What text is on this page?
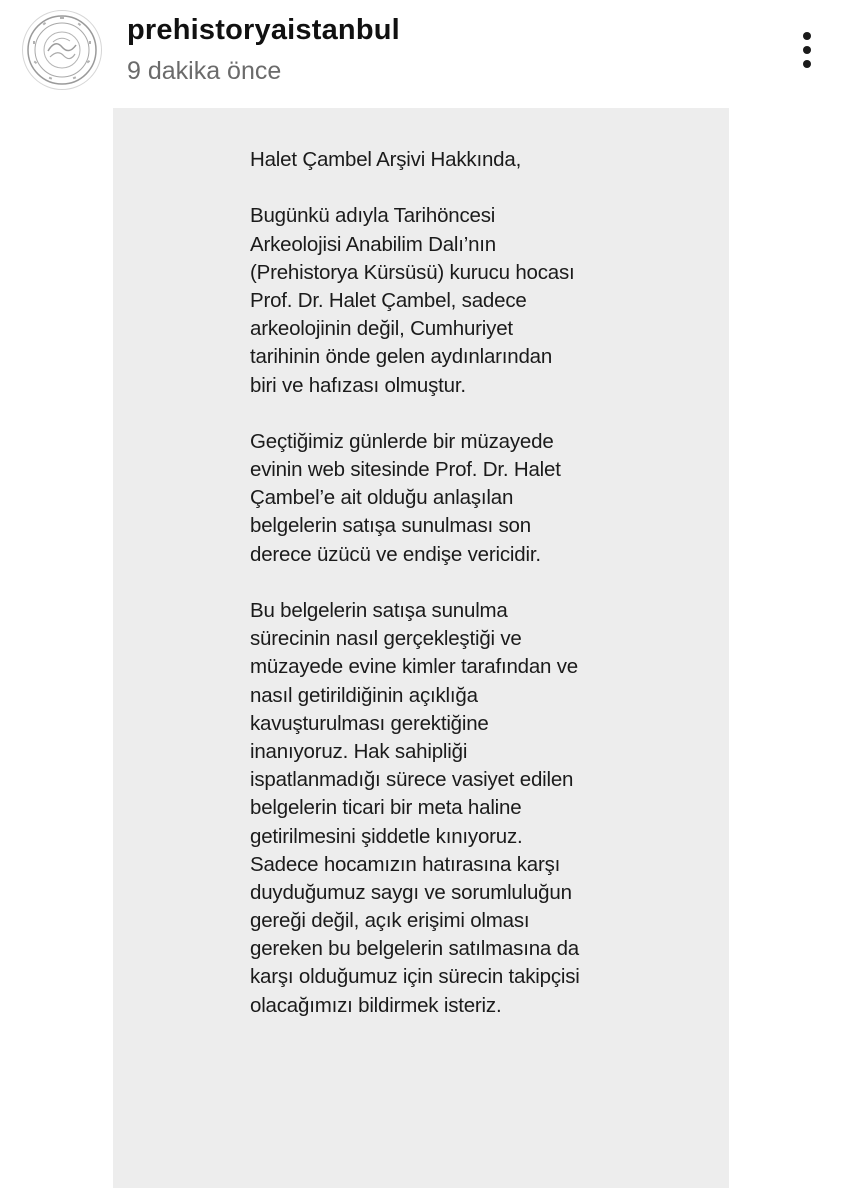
prehistoryaistanbul
9 dakika önce
Halet Çambel Arşivi Hakkında,
Bugünkü adıyla Tarihöncesi
Arkeolojisi Anabilim Dalı’nın
(Prehistorya Kürsüsü) kurucu hocası
Prof. Dr. Halet Çambel, sadece
arkeolojinin değil, Cumhuriyet
tarihinin önde gelen aydınlarından
biri ve hafızası olmuştur.
Geçtiğimiz günlerde bir müzayede
evinin web sitesinde Prof. Dr. Halet
Çambel’e ait olduğu anlaşılan
belgelerin satışa sunulması son
derece üzücü ve endişe vericidir.
Bu belgelerin satışa sunulma
sürecinin nasıl gerçekleştiği ve
müzayede evine kimler tarafından ve
nasıl getirildiğinin açıklığa
kavuşturulması gerektiğine
inanıyoruz. Hak sahipliği
ispatlanmadığı sürece vasiyet edilen
belgelerin ticari bir meta haline
getirilmesini şiddetle kınıyoruz.
Sadece hocamızın hatırasına karşı
duyduğumuz saygı ve sorumluluğun
gereği değil, açık erişimi olması
gereken bu belgelerin satılmasına da
karşı olduğumuz için sürecin takipçisi
olacağımızı bildirmek isteriz.
